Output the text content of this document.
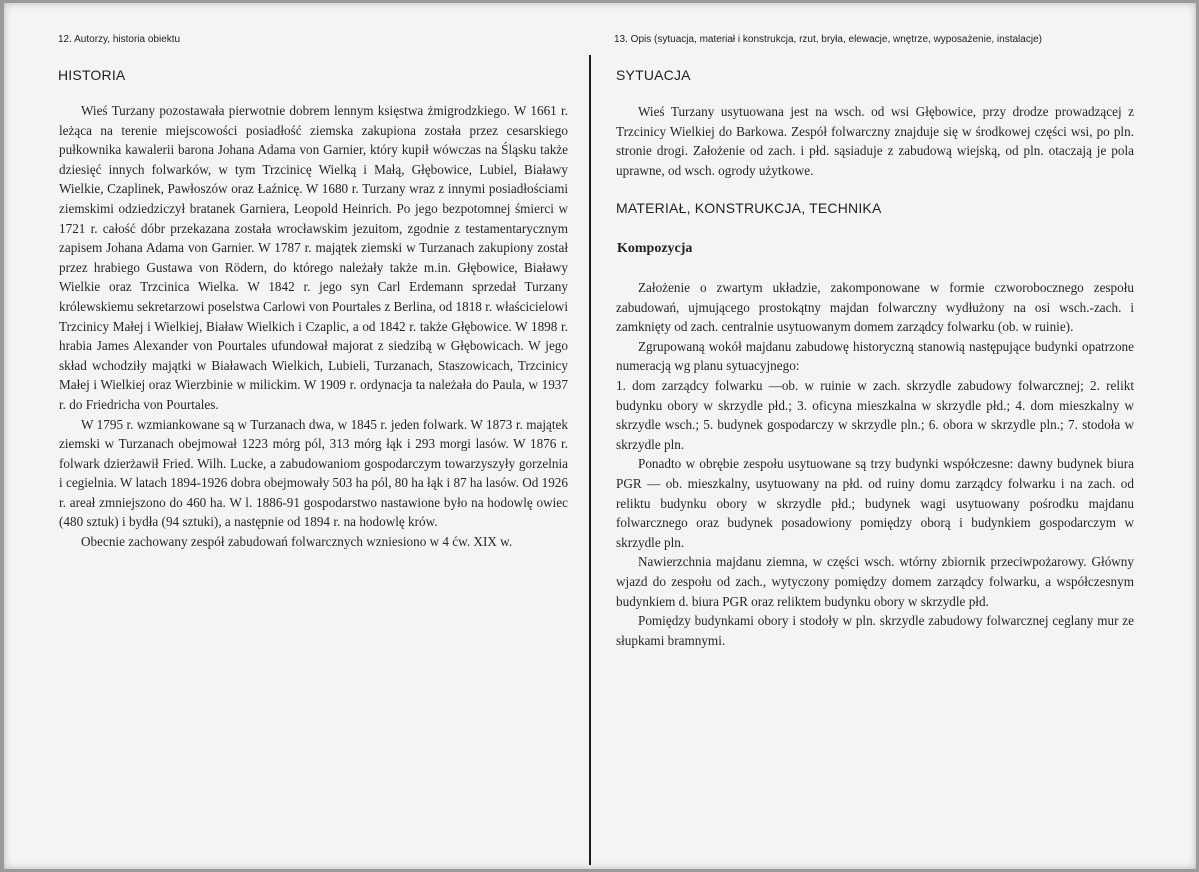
12. Autorzy, historia obiektu
HISTORIA

Wieś Turzany pozostawała pierwotnie dobrem lennym księstwa żmigrodzkiego. W 1661 r. leżąca na terenie miejscowości posiadłość ziemska zakupiona została przez cesarskiego pułkownika kawalerii barona Johana Adama von Garnier, który kupił wówczas na Śląsku także dziesięć innych folwarków, w tym Trzcinicę Wielką i Małą, Głębowice, Lubiel, Białawy Wielkie, Czaplinek, Pawłoszów oraz Łaźnicę. W 1680 r. Turzany wraz z innymi posiadłościami ziemskimi odziedziczył bratanek Garniera, Leopold Heinrich. Po jego bezpotomnej śmierci w 1721 r. całość dóbr przekazana została wrocławskim jezuitom, zgodnie z testamentarycznym zapisem Johana Adama von Garnier. W 1787 r. majątek ziemski w Turzanach zakupiony został przez hrabiego Gustawa von Rödern, do którego należały także m.in. Głębowice, Białawy Wielkie oraz Trzcinica Wielka. W 1842 r. jego syn Carl Erdemann sprzedał Turzany królewskiemu sekretarzowi poselstwa Carlowi von Pourtales z Berlina, od 1818 r. właścicielowi Trzcinicy Małej i Wielkiej, Biaław Wielkich i Czaplic, a od 1842 r. także Głębowice. W 1898 r. hrabia James Alexander von Pourtales ufundował majorat z siedzibą w Głębowicach. W jego skład wchodziły majątki w Białawach Wielkich, Lubieli, Turzanach, Staszowicach, Trzcinicy Małej i Wielkiej oraz Wierzbinie w milickim. W 1909 r. ordynacja ta należała do Paula, w 1937 r. do Friedricha von Pourtales.

W 1795 r. wzmiankowane są w Turzanach dwa, w 1845 r. jeden folwark. W 1873 r. majątek ziemski w Turzanach obejmował 1223 mórg pól, 313 mórg łąk i 293 morgi lasów. W 1876 r. folwark dzierżawił Fried. Wilh. Lucke, a zabudowaniom gospodarczym towarzyszyły gorzelnia i cegielnia. W latach 1894-1926 dobra obejmowały 503 ha pól, 80 ha łąk i 87 ha lasów. Od 1926 r. areał zmniejszono do 460 ha. W l. 1886-91 gospodarstwo nastawione było na hodowlę owiec (480 sztuk) i bydła (94 sztuki), a następnie od 1894 r. na hodowlę krów.

Obecnie zachowany zespół zabudowań folwarcznych wzniesiono w 4 ćw. XIX w.

13. Opis (sytuacja, materiał i konstrukcja, rzut, bryła, elewacje, wnętrze, wyposażenie, instalacje)
SYTUACJA

Wieś Turzany usytuowana jest na wsch. od wsi Głębowice, przy drodze prowadzącej z Trzcinicy Wielkiej do Barkowa. Zespół folwarczny znajduje się w środkowej części wsi, po pln. stronie drogi. Założenie od zach. i płd. sąsiaduje z zabudową wiejską, od pln. otaczają je pola uprawne, od wsch. ogrody użytkowe.

MATERIAŁ, KONSTRUKCJA, TECHNIKA
Kompozycja

Założenie o zwartym układzie, zakomponowane w formie czworobocznego zespołu zabudowań, ujmującego prostokątny majdan folwarczny wydłużony na osi wsch.-zach. i zamknięty od zach. centralnie usytuowanym domem zarządcy folwarku (ob. w ruinie).

Zgrupowaną wokół majdanu zabudowę historyczną stanowią następujące budynki opatrzone numeracją wg planu sytuacyjnego:

1. dom zarządcy folwarku —ob. w ruinie w zach. skrzydle zabudowy folwarcznej; 2. relikt budynku obory w skrzydle płd.; 3. oficyna mieszkalna w skrzydle płd.; 4. dom mieszkalny w skrzydle wsch.; 5. budynek gospodarczy w skrzydle pln.; 6. obora w skrzydle pln.; 7. stodoła w skrzydle pln.

Ponadto w obrębie zespołu usytuowane są trzy budynki współczesne: dawny budynek biura PGR — ob. mieszkalny, usytuowany na płd. od ruiny domu zarządcy folwarku i na zach. od reliktu budynku obory w skrzydle płd.; budynek wagi usytuowany pośrodku majdanu folwarcznego oraz budynek posadowiony pomiędzy oborą i budynkiem gospodarczym w skrzydle pln.

Nawierzchnia majdanu ziemna, w części wsch. wtórny zbiornik przeciwpożarowy. Główny wjazd do zespołu od zach., wytyczony pomiędzy domem zarządcy folwarku, a współczesnym budynkiem d. biura PGR oraz reliktem budynku obory w skrzydle płd.

Pomiędzy budynkami obory i stodoły w pln. skrzydle zabudowy folwarcznej ceglany mur ze słupkami bramnymi.
